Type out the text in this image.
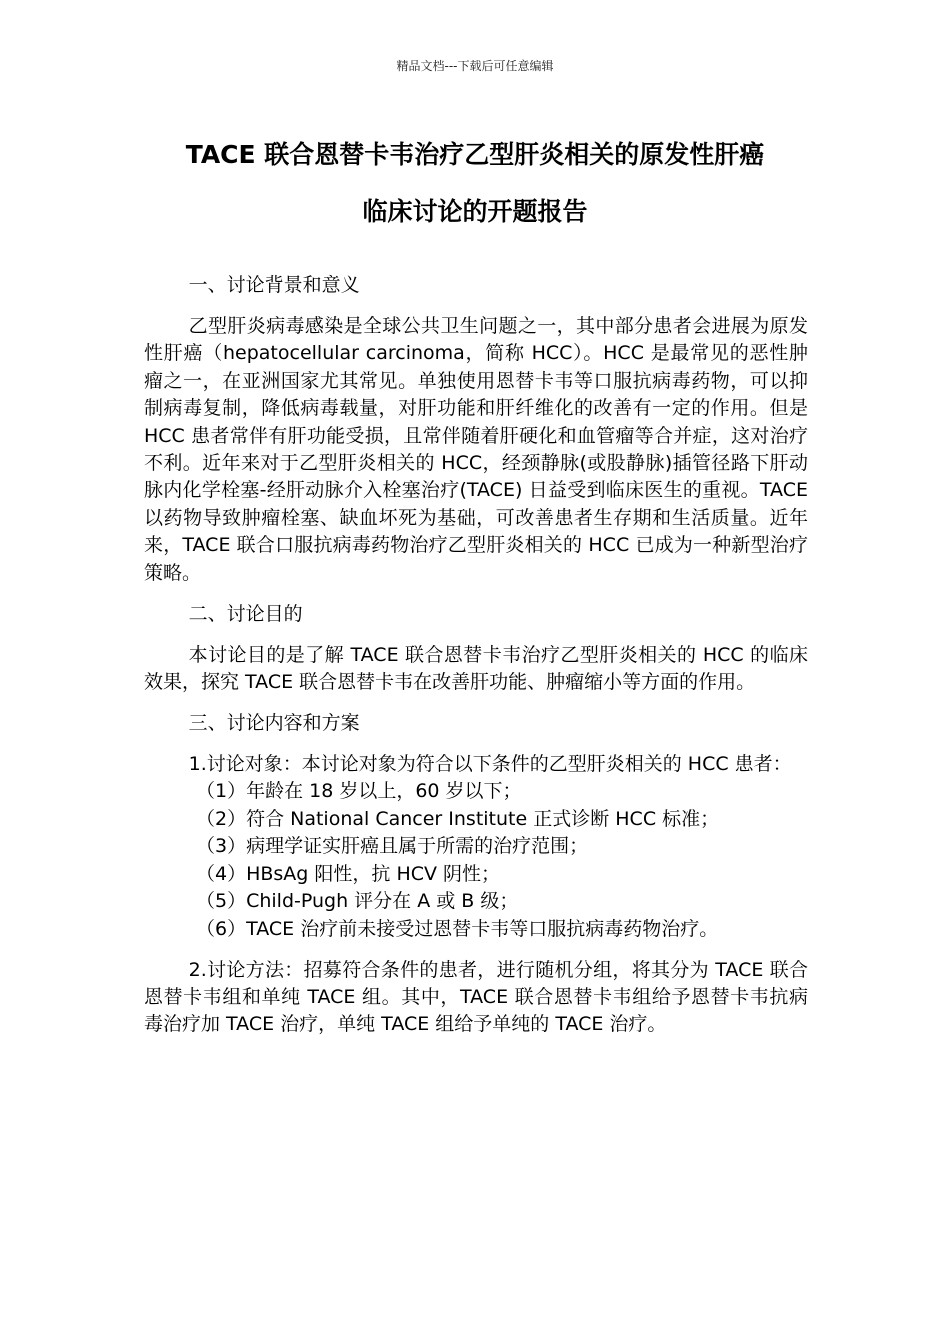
精品文档---下载后可任意编辑
TACE 联合恩替卡韦治疗乙型肝炎相关的原发性肝癌
临床讨论的开题报告

一、讨论背景和意义

乙型肝炎病毒感染是全球公共卫生问题之一，其中部分患者会进展为原发性肝癌（hepatocellular carcinoma，简称 HCC）。HCC 是最常见的恶性肿瘤之一，在亚洲国家尤其常见。单独使用恩替卡韦等口服抗病毒药物，可以抑制病毒复制，降低病毒载量，对肝功能和肝纤维化的改善有一定的作用。但是 HCC 患者常伴有肝功能受损，且常伴随着肝硬化和血管瘤等合并症，这对治疗不利。近年来对于乙型肝炎相关的 HCC，经颈静脉(或股静脉)插管径路下肝动脉内化学栓塞-经肝动脉介入栓塞治疗(TACE) 日益受到临床医生的重视。TACE 以药物导致肿瘤栓塞、缺血坏死为基础，可改善患者生存期和生活质量。近年来，TACE 联合口服抗病毒药物治疗乙型肝炎相关的 HCC 已成为一种新型治疗策略。

二、讨论目的

本讨论目的是了解 TACE 联合恩替卡韦治疗乙型肝炎相关的 HCC 的临床效果，探究 TACE 联合恩替卡韦在改善肝功能、肿瘤缩小等方面的作用。

三、讨论内容和方案

1.讨论对象：本讨论对象为符合以下条件的乙型肝炎相关的 HCC 患者：

（1）年龄在 18 岁以上，60 岁以下；

（2）符合 National Cancer Institute 正式诊断 HCC 标准；

（3）病理学证实肝癌且属于所需的治疗范围；

（4）HBsAg 阳性，抗 HCV 阴性；

（5）Child-Pugh 评分在 A 或 B 级；

（6）TACE 治疗前未接受过恩替卡韦等口服抗病毒药物治疗。

2.讨论方法：招募符合条件的患者，进行随机分组，将其分为 TACE 联合恩替卡韦组和单纯 TACE 组。其中，TACE 联合恩替卡韦组给予恩替卡韦抗病毒治疗加 TACE 治疗，单纯 TACE 组给予单纯的 TACE 治疗。
